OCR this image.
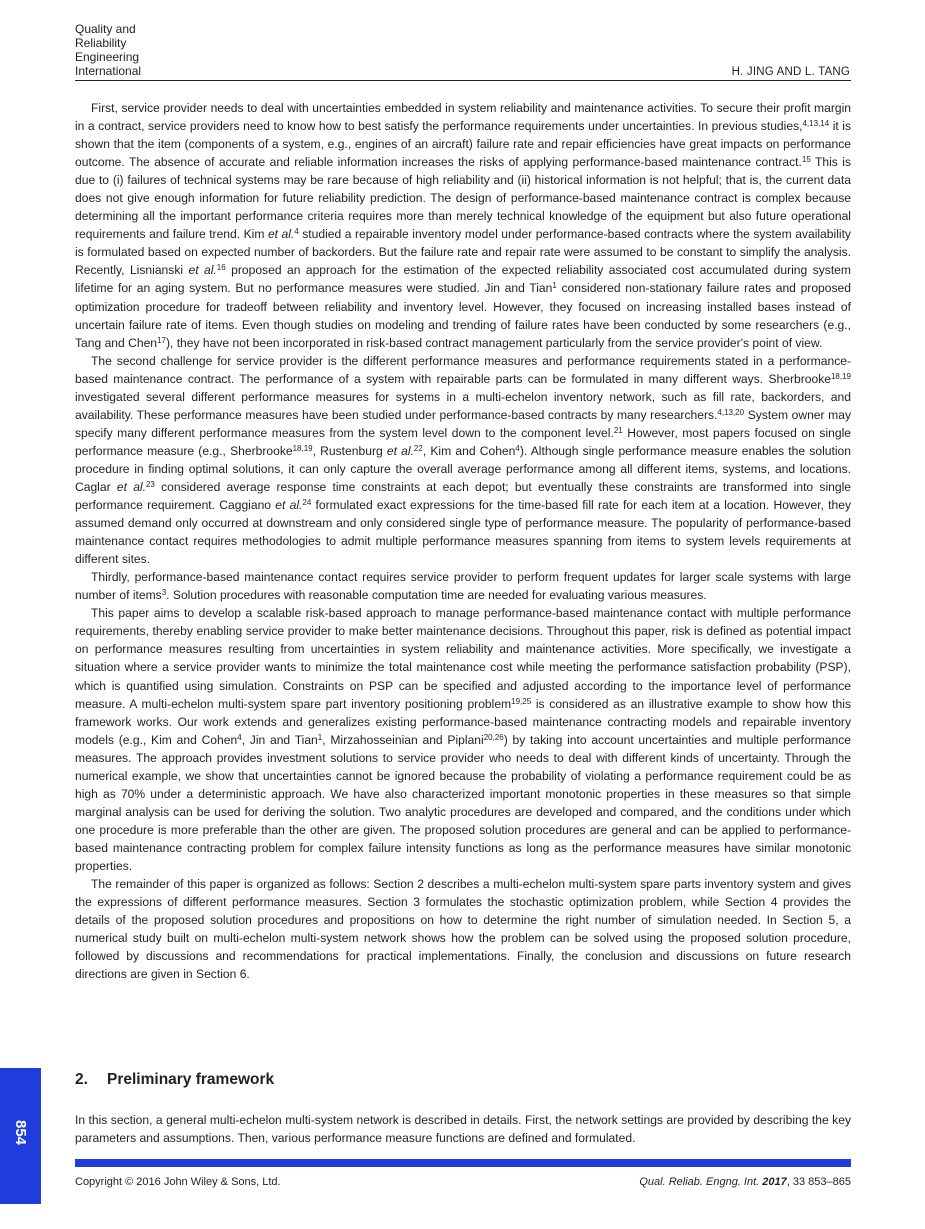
Quality and
Reliability
Engineering
International	H. JING AND L. TANG

First, service provider needs to deal with uncertainties embedded in system reliability and maintenance activities. To secure their profit margin in a contract, service providers need to know how to best satisfy the performance requirements under uncertainties. In previous studies,$^{4,13,14}$ it is shown that the item (components of a system, e.g., engines of an aircraft) failure rate and repair efficiencies have great impacts on performance outcome. The absence of accurate and reliable information increases the risks of applying performance-based maintenance contract.$^{15}$ This is due to (i) failures of technical systems may be rare because of high reliability and (ii) historical information is not helpful; that is, the current data does not give enough information for future reliability prediction. The design of performance-based maintenance contract is complex because determining all the important performance criteria requires more than merely technical knowledge of the equipment but also future operational requirements and failure trend. Kim et al.$^4$ studied a repairable inventory model under performance-based contracts where the system availability is formulated based on expected number of backorders. But the failure rate and repair rate were assumed to be constant to simplify the analysis. Recently, Lisnianski et al.$^{16}$ proposed an approach for the estimation of the expected reliability associated cost accumulated during system lifetime for an aging system. But no performance measures were studied. Jin and Tian$^1$ considered non-stationary failure rates and proposed optimization procedure for tradeoff between reliability and inventory level. However, they focused on increasing installed bases instead of uncertain failure rate of items. Even though studies on modeling and trending of failure rates have been conducted by some researchers (e.g., Tang and Chen$^{17}$), they have not been incorporated in risk-based contract management particularly from the service provider's point of view.

The second challenge for service provider is the different performance measures and performance requirements stated in a performance-based maintenance contract. The performance of a system with repairable parts can be formulated in many different ways. Sherbrooke$^{18,19}$ investigated several different performance measures for systems in a multi-echelon inventory network, such as fill rate, backorders, and availability. These performance measures have been studied under performance-based contracts by many researchers.$^{4,13,20}$ System owner may specify many different performance measures from the system level down to the component level.$^{21}$ However, most papers focused on single performance measure (e.g., Sherbrooke$^{18,19}$, Rustenburg et al.$^{22}$, Kim and Cohen$^4$). Although single performance measure enables the solution procedure in finding optimal solutions, it can only capture the overall average performance among all different items, systems, and locations. Caglar et al.$^{23}$ considered average response time constraints at each depot; but eventually these constraints are transformed into single performance requirement. Caggiano et al.$^{24}$ formulated exact expressions for the time-based fill rate for each item at a location. However, they assumed demand only occurred at downstream and only considered single type of performance measure. The popularity of performance-based maintenance contact requires methodologies to admit multiple performance measures spanning from items to system levels requirements at different sites.

Thirdly, performance-based maintenance contact requires service provider to perform frequent updates for larger scale systems with large number of items$^3$. Solution procedures with reasonable computation time are needed for evaluating various measures.

This paper aims to develop a scalable risk-based approach to manage performance-based maintenance contact with multiple performance requirements, thereby enabling service provider to make better maintenance decisions. Throughout this paper, risk is defined as potential impact on performance measures resulting from uncertainties in system reliability and maintenance activities. More specifically, we investigate a situation where a service provider wants to minimize the total maintenance cost while meeting the performance satisfaction probability (PSP), which is quantified using simulation. Constraints on PSP can be specified and adjusted according to the importance level of performance measure. A multi-echelon multi-system spare part inventory positioning problem$^{19,25}$ is considered as an illustrative example to show how this framework works. Our work extends and generalizes existing performance-based maintenance contracting models and repairable inventory models (e.g., Kim and Cohen$^4$, Jin and Tian$^1$, Mirzahosseinian and Piplani$^{20,26}$) by taking into account uncertainties and multiple performance measures. The approach provides investment solutions to service provider who needs to deal with different kinds of uncertainty. Through the numerical example, we show that uncertainties cannot be ignored because the probability of violating a performance requirement could be as high as 70% under a deterministic approach. We have also characterized important monotonic properties in these measures so that simple marginal analysis can be used for deriving the solution. Two analytic procedures are developed and compared, and the conditions under which one procedure is more preferable than the other are given. The proposed solution procedures are general and can be applied to performance-based maintenance contracting problem for complex failure intensity functions as long as the performance measures have similar monotonic properties.

The remainder of this paper is organized as follows: Section 2 describes a multi-echelon multi-system spare parts inventory system and gives the expressions of different performance measures. Section 3 formulates the stochastic optimization problem, while Section 4 provides the details of the proposed solution procedures and propositions on how to determine the right number of simulation needed. In Section 5, a numerical study built on multi-echelon multi-system network shows how the problem can be solved using the proposed solution procedure, followed by discussions and recommendations for practical implementations. Finally, the conclusion and discussions on future research directions are given in Section 6.

2. Preliminary framework

In this section, a general multi-echelon multi-system network is described in details. First, the network settings are provided by describing the key parameters and assumptions. Then, various performance measure functions are defined and formulated.

854
Copyright © 2016 John Wiley & Sons, Ltd.	Qual. Reliab. Engng. Int. 2017, 33 853–865
